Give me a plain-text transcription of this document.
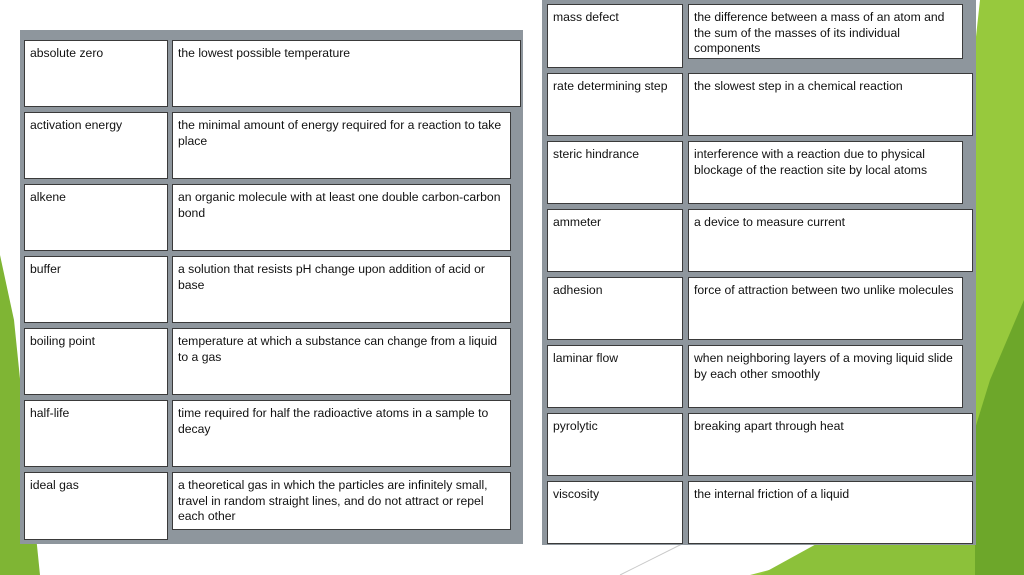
absolute zero	the lowest possible temperature
activation energy	the minimal amount of energy required for a reaction to take place
alkene	an organic molecule with at least one double carbon-carbon bond
buffer	a solution that resists pH change upon addition of acid or base
boiling point	temperature at which a substance can change from a liquid to a gas
half-life	time required for half the radioactive atoms in a sample to decay
ideal gas	a theoretical gas in which the particles are infinitely small, travel in random straight lines, and do not attract or repel each other
mass defect	the difference between a mass of an atom and the sum of the masses of its individual components
rate determining step	the slowest step in a chemical reaction
steric hindrance	interference with a reaction due to physical blockage of the reaction site by local atoms
ammeter	a device to measure current
adhesion	force of attraction between two unlike molecules
laminar flow	when neighboring layers of a moving liquid slide by each other smoothly
pyrolytic	breaking apart through heat
viscosity	the internal friction of a liquid
